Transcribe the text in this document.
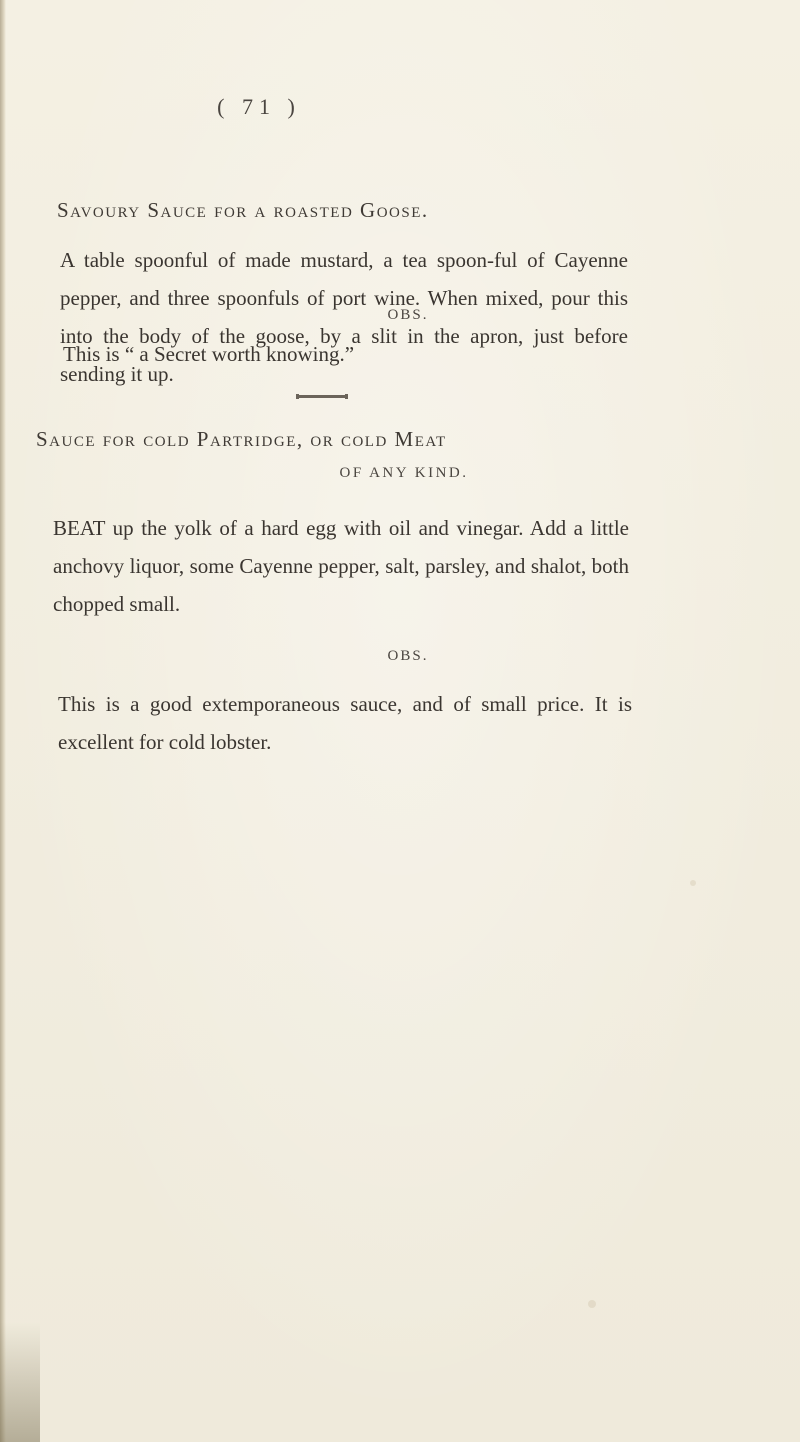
( 71 )
Savoury Sauce for a roasted Goose.
A table spoonful of made mustard, a tea spoon-ful of Cayenne pepper, and three spoonfuls of port wine. When mixed, pour this into the body of the goose, by a slit in the apron, just before sending it up.
OBS.
This is “ a Secret worth knowing.”
Sauce for cold Partridge, or cold Meat
OF ANY KIND.
BEAT up the yolk of a hard egg with oil and vinegar. Add a little anchovy liquor, some Cayenne pepper, salt, parsley, and shalot, both chopped small.
OBS.
This is a good extemporaneous sauce, and of small price. It is excellent for cold lobster.
